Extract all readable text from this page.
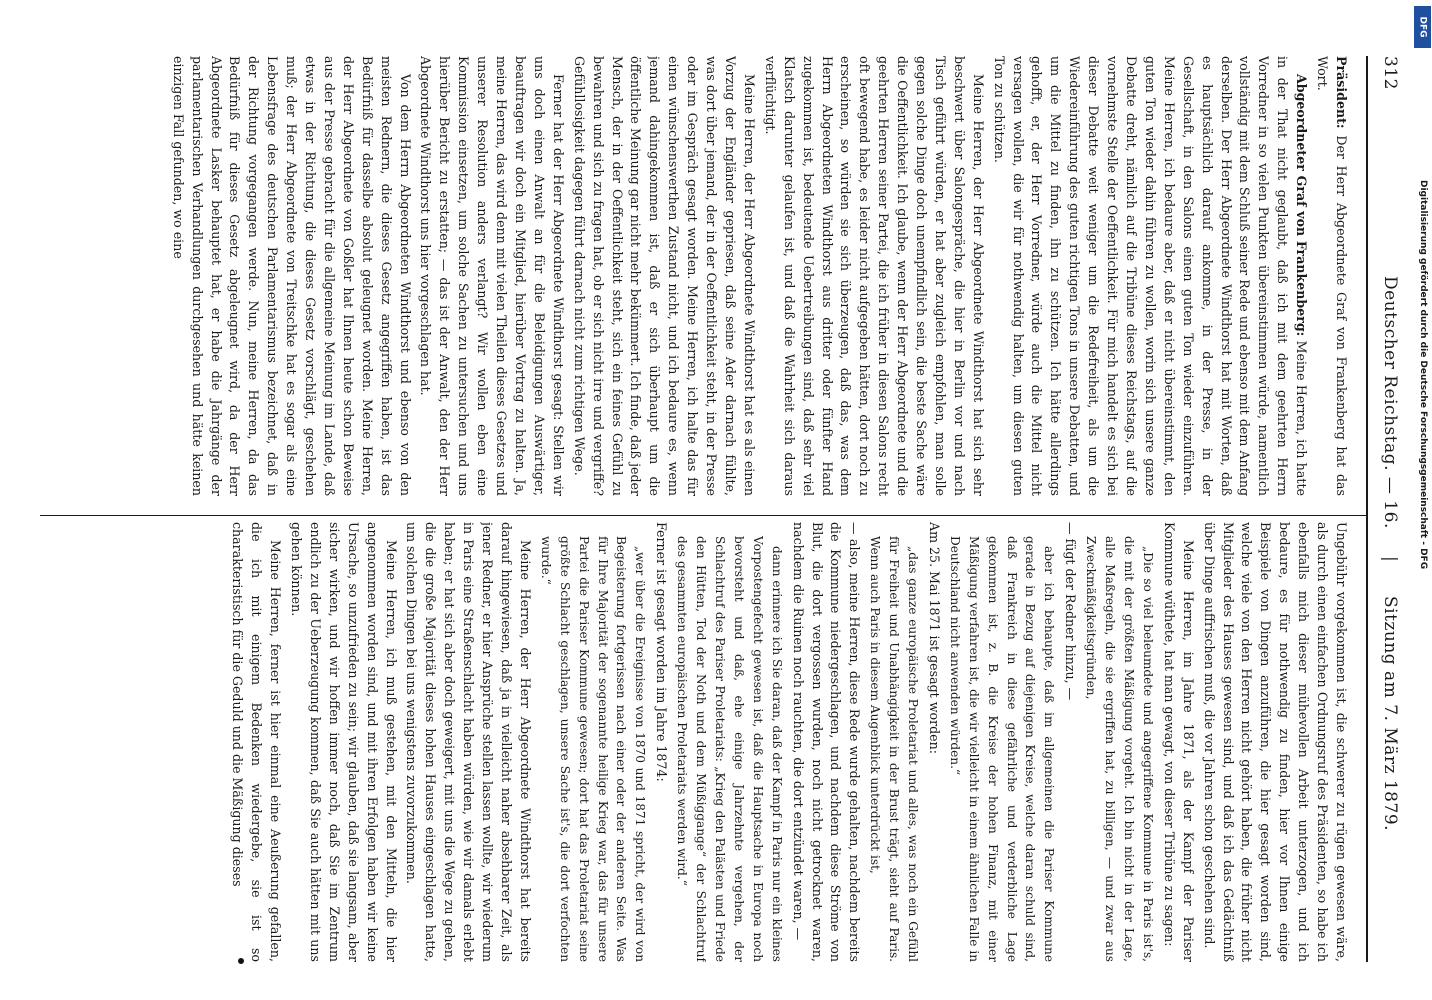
312
Deutscher Reichstag. — 16.
|
Sitzung am 7. März 1879.

Präsident: Der Herr Abgeordnete Graf von Frankenberg hat das Wort.

Abgeordneter Graf von Frankenberg: Meine Herren, ich hatte in der That nicht geglaubt, daß ich mit dem geehrten Herrn Vorredner in so vielen Punkten übereinstimmen würde, namentlich vollständig mit dem Schluß seiner Rede und ebenso mit dem Anfang derselben. Der Herr Abgeordnete Windthorst hat mit Worten, daß es hauptsächlich darauf ankomme, in der Presse, in der Gesellschaft, in den Salons einen guten Ton wieder einzuführen. Meine Herren, ich bedaure aber, daß er nicht übereinstimmt, den guten Ton wieder dahin führen zu wollen, worin sich unsere ganze Debatte dreht, nämlich auf die Tribüne dieses Reichstags, auf die vornehmste Stelle der Oeffentlichkeit. Für mich handelt es sich bei dieser Debatte weit weniger um die Redefreiheit, als um die Wiedereinführung des guten richtigen Tons in unsere Debatten, und um die Mittel zu finden, ihn zu schützen. Ich hätte allerdings gehofft, er, der Herr Vorredner, würde auch die Mittel nicht versagen wollen, die wir für nothwendig halten, um diesen guten Ton zu schützen.

Meine Herren, der Herr Abgeordnete Windthorst hat sich sehr beschwert über Salongespräche, die hier in Berlin vor und nach Tisch geführt würden, er hat aber zugleich empfohlen, man solle gegen solche Dinge doch unempfindlich sein, die beste Sache wäre die Oeffentlichkeit. Ich glaube, wenn der Herr Abgeordnete und die geehrten Herren seiner Partei, die ich früher in diesen Salons recht oft bewegend habe, es leider nicht aufgegeben hätten, dort noch zu erscheinen, so würden sie sich überzeugen, daß das, was dem Herrn Abgeordneten Windthorst aus dritter oder fünfter Hand zugekommen ist, bedeutende Uebertreibungen sind, daß sehr viel Klatsch darunter gelaufen ist, und daß die Wahrheit sich daraus verflüchtigt.

Meine Herren, der Herr Abgeordnete Windthorst hat es als einen Vorzug der Engländer gepriesen, daß seine Ader darnach fühlte, was dort über jemand, der in der Oeffentlichkeit steht, in der Presse oder im Gespräch gesagt worden. Meine Herren, ich halte das für einen wünschenswerthen Zustand nicht, und ich bedaure es, wenn jemand dahingekommen ist, daß er sich überhaupt um die öffentliche Meinung gar nicht mehr bekümmert. Ich finde, daß jeder Mensch, der in der Oeffentlichkeit steht, sich ein feines Gefühl zu bewahren und sich zu fragen hat, ob er sich nicht irre und vergriffe? Gefühllosigkeit dagegen führt darnach nicht zum richtigen Wege.

Ferner hat der Herr Abgeordnete Windthorst gesagt: Stellen wir uns doch einen Anwalt an für die Beleidigungen Auswärtiger, beauftragen wir doch ein Mitglied, hierüber Vortrag zu halten. Ja, meine Herren, das wird denn mit vielen Theilen dieses Gesetzes und unserer Resolution anders verlangt? Wir wollen eben eine Kommission einsetzen, um solche Sachen zu untersuchen und uns hierüber Bericht zu erstatten; — das ist der Anwalt, den der Herr Abgeordnete Windthorst uns hier vorgeschlagen hat.

Von dem Herrn Abgeordneten Windthorst und ebenso von den meisten Rednern, die dieses Gesetz angegriffen haben, ist das Bedürfniß für dasselbe absolut geleugnet worden. Meine Herren, der Herr Abgeordnete von Goßler hat Ihnen heute schon Beweise aus der Presse gebracht für die allgemeine Meinung im Lande, daß etwas in der Richtung, die dieses Gesetz vorschlägt, geschehen muß; der Herr Abgeordnete von Treitschke hat es sogar als eine Lebensfrage des deutschen Parlamentarismus bezeichnet, daß in der Richtung vorgegangen werde. Nun, meine Herren, da das Bedürfniß für dieses Gesetz abgeleugnet wird, da der Herr Abgeordnete Lasker behauptet hat, er habe die Jahrgänge der parlamentarischen Verhandlungen durchgesehen und hätte keinen einzigen Fall gefunden, wo eine

Ungebühr vorgekommen ist, die schwerer zu rügen gewesen wäre, als durch einen einfachen Ordnungsruf des Präsidenten, so habe ich ebenfalls mich dieser mühevollen Arbeit unterzogen, und ich bedaure, es für nothwendig zu finden, hier vor Ihnen einige Beispiele von Dingen anzuführen, die hier gesagt worden sind, welche viele von den Herren nicht gehört haben, die früher nicht Mitglieder des Hauses gewesen sind, und daß ich das Gedächtniß über Dinge auffrischen muß, die vor Jahren schon geschehen sind.

Meine Herren, im Jahre 1871, als der Kampf der Pariser Kommune wüthete, hat man gewagt, von dieser Tribüne zu sagen:

„Die so viel beleumdete und angegriffene Kommune in Paris ist's, die mit der größten Mäßigung vorgeht. Ich bin nicht in der Lage, alle Maßregeln, die sie ergriffen hat, zu billigen, — und zwar aus Zweckmäßigkeitsgründen,

— fügt der Redner hinzu, —

aber ich behaupte, daß im allgemeinen die Pariser Kommune gerade in Bezug auf diejenigen Kreise, welche daran schuld sind, daß Frankreich in diese gefährliche und verderbliche Lage gekommen ist, z. B. die Kreise der hohen Finanz, mit einer Mäßigung verfahren ist, die wir vielleicht in einem ähnlichen Falle in Deutschland nicht anwenden würden.“

Am 25. Mai 1871 ist gesagt worden:

„das ganze europäische Proletariat und alles, was noch ein Gefühl für Freiheit und Unabhängigkeit in der Brust trägt, sieht auf Paris. Wenn auch Paris in diesem Augenblick unterdrückt ist,

— also, meine Herren, diese Rede wurde gehalten, nachdem bereits die Kommune niedergeschlagen, und nachdem diese Ströme von Blut, die dort vergossen wurden, noch nicht getrocknet waren, nachdem die Ruinen noch rauchten, die dort entzündet waren, —

dann erinnere ich Sie daran, daß der Kampf in Paris nur ein kleines Vorpostengefecht gewesen ist, daß die Hauptsache in Europa noch bevorsteht und daß, ehe einige Jahrzehnte vergehen, der Schlachtruf des Pariser Proletariats: „Krieg den Palästen und Friede den Hütten, Tod der Noth und dem Müßiggange“ der Schlachtruf des gesammten europäischen Proletariats werden wird.“

Ferner ist gesagt worden im Jahre 1874:

„wer über die Ereignisse von 1870 und 1871 spricht, der wird von Begeisterung fortgerissen nach einer oder der anderen Seite. Was für Ihre Majorität der sogenannte heilige Krieg war, das für unsere Partei die Pariser Kommune gewesen; dort hat das Proletariat seine größte Schlacht geschlagen, unsere Sache ist's, die dort verfochten wurde.“

Meine Herren, der Herr Abgeordnete Windthorst hat bereits darauf hingewiesen, daß ja in vielleicht naher absehbarer Zeit, als jener Redner, er hier Ansprüche stellen lassen wollte, wir wiederum in Paris eine Straßenschlacht haben würden, wie wir damals erlebt haben; er hat sich aber doch geweigert, mit uns die Wege zu gehen, die die große Majorität dieses hohen Hauses eingeschlagen hatte, um solchen Dingen bei uns wenigstens zuvorzukommen.

Meine Herren, ich muß gestehen, mit den Mitteln, die hier angenommen worden sind, und mit ihren Erfolgen haben wir keine Ursache, so unzufrieden zu sein; wir glauben, daß sie langsam, aber sicher wirken, und wir hoffen immer noch, daß Sie im Zentrum endlich zu der Ueberzeugung kommen, daß Sie auch hätten mit uns gehen können.

Meine Herren, ferner ist hier einmal eine Aeußerung gefallen, die ich mit einigem Bedenken wiedergebe, sie ist so charakteristisch für die Geduld und die Mäßigung dieses

DFG
Digitalisierung gefördert durch die Deutsche Forschungsgemeinschaft - DFG
